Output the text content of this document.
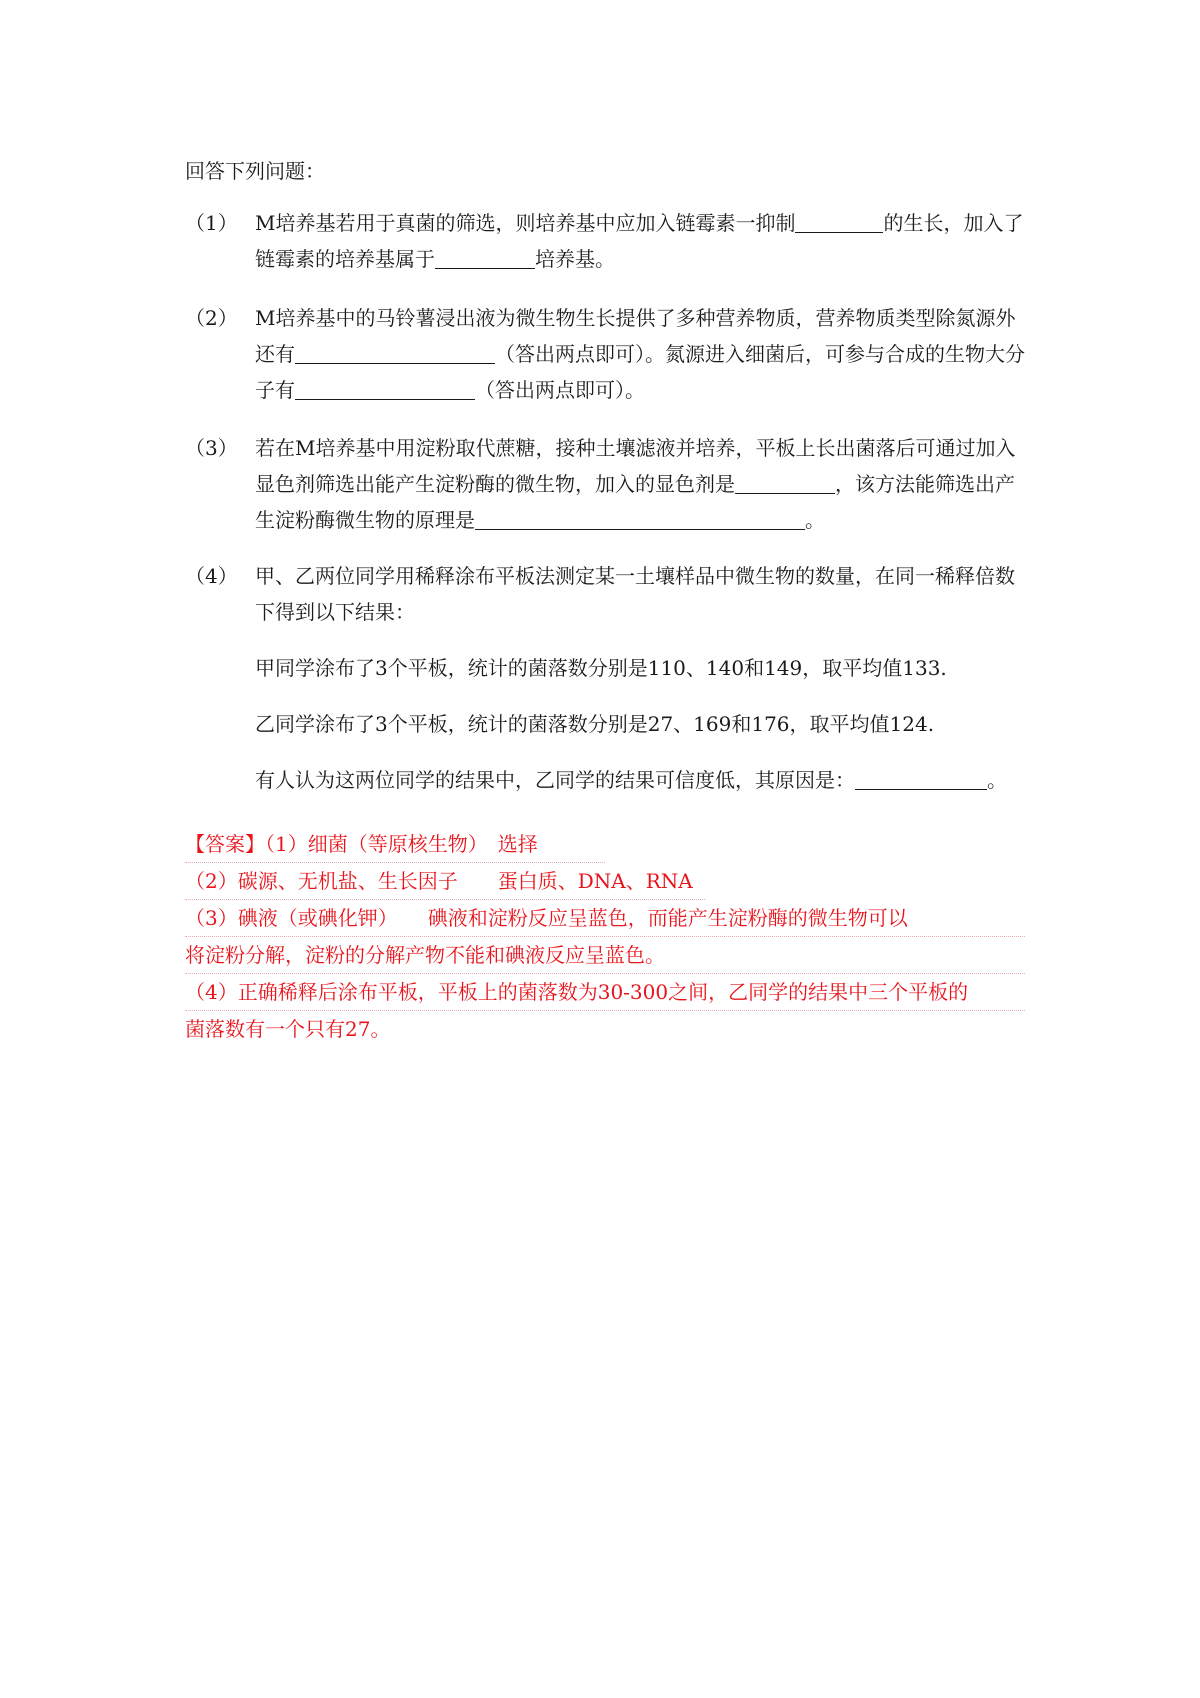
回答下列问题：
（1） M培养基若用于真菌的筛选，则培养基中应加入链霉素一抑制	的生长，加入了链霉素的培养基属于	培养基。
（2） M培养基中的马铃薯浸出液为微生物生长提供了多种营养物质，营养物质类型除氮源外还有	（答出两点即可）。氮源进入细菌后，可参与合成的生物大分子有	（答出两点即可）。
（3） 若在M培养基中用淀粉取代蔗糖，接种土壤滤液并培养，平板上长出菌落后可通过加入显色剂筛选出能产生淀粉酶的微生物，加入的显色剂是	，该方法能筛选出产生淀粉酶微生物的原理是	。
（4） 甲、乙两位同学用稀释涂布平板法测定某一土壤样品中微生物的数量，在同一稀释倍数下得到以下结果：
甲同学涂布了3个平板，统计的菌落数分别是110、140和149，取平均值133.
乙同学涂布了3个平板，统计的菌落数分别是27、169和176，取平均值124.
有人认为这两位同学的结果中，乙同学的结果可信度低，其原因是：	。
【答案】（1）细菌（等原核生物）　选择
（2）碳源、无机盐、生长因子　　蛋白质、DNA、RNA
（3）碘液（或碘化钾）　　碘液和淀粉反应呈蓝色，而能产生淀粉酶的微生物可以
将淀粉分解，淀粉的分解产物不能和碘液反应呈蓝色。
（4）正确稀释后涂布平板，平板上的菌落数为30-300之间，乙同学的结果中三个平板的
菌落数有一个只有27。
